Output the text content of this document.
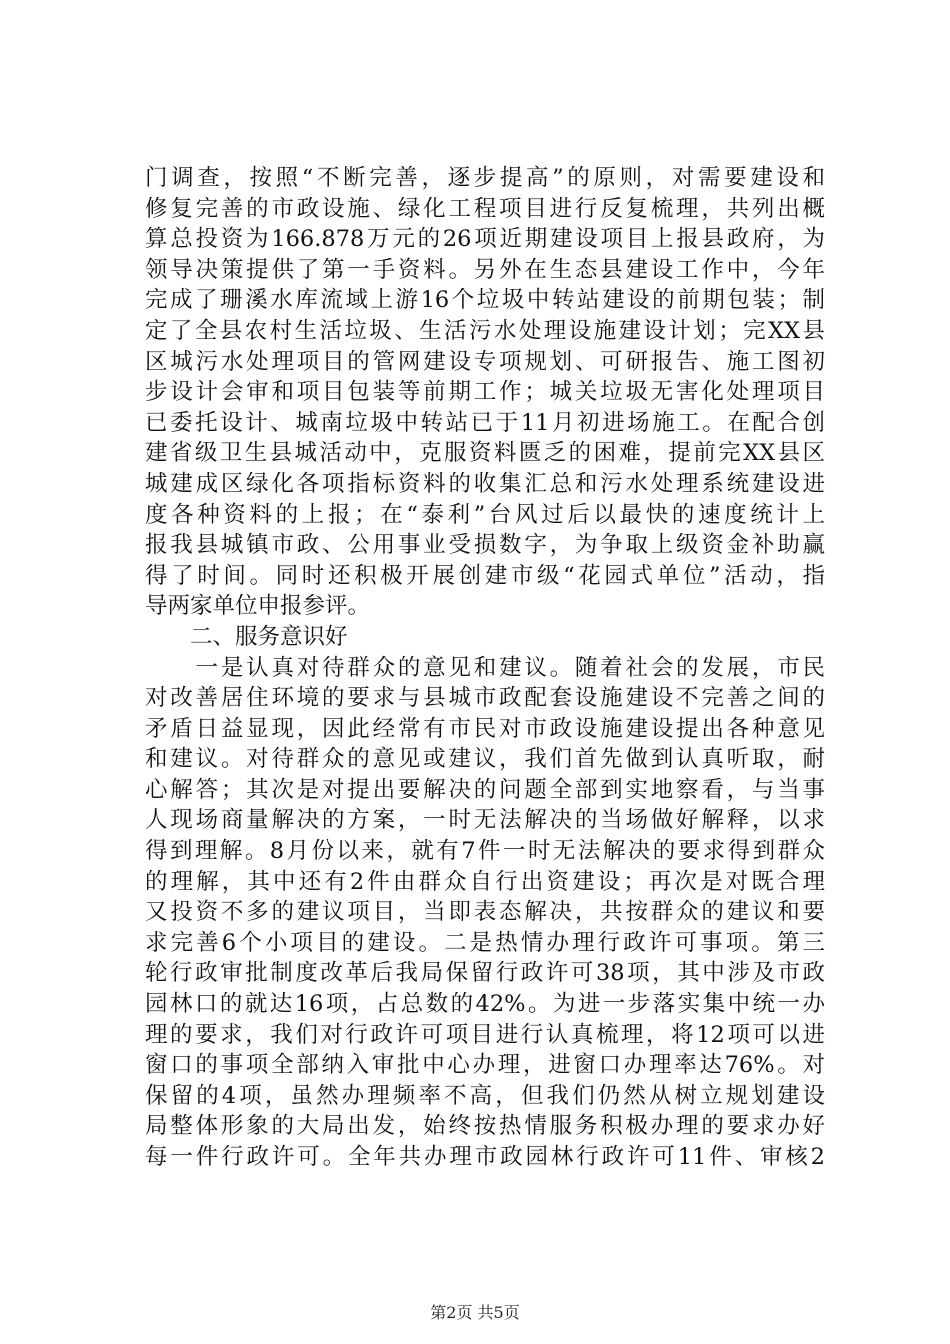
门调查，按照“不断完善，逐步提高”的原则，对需要建设和
修复完善的市政设施、绿化工程项目进行反复梳理，共列出概
算总投资为166.878万元的26项近期建设项目上报县政府，为
领导决策提供了第一手资料。另外在生态县建设工作中，今年
完成了珊溪水库流域上游16个垃圾中转站建设的前期包装；制
定了全县农村生活垃圾、生活污水处理设施建设计划；完XX县
区城污水处理项目的管网建设专项规划、可研报告、施工图初
步设计会审和项目包装等前期工作；城关垃圾无害化处理项目
已委托设计、城南垃圾中转站已于11月初进场施工。在配合创
建省级卫生县城活动中，克服资料匮乏的困难，提前完XX县区
城建成区绿化各项指标资料的收集汇总和污水处理系统建设进
度各种资料的上报；在“泰利”台风过后以最快的速度统计上
报我县城镇市政、公用事业受损数字，为争取上级资金补助赢
得了时间。同时还积极开展创建市级“花园式单位”活动，指
导两家单位申报参评。
　　二、服务意识好
　　一是认真对待群众的意见和建议。随着社会的发展，市民
对改善居住环境的要求与县城市政配套设施建设不完善之间的
矛盾日益显现，因此经常有市民对市政设施建设提出各种意见
和建议。对待群众的意见或建议，我们首先做到认真听取，耐
心解答；其次是对提出要解决的问题全部到实地察看，与当事
人现场商量解决的方案，一时无法解决的当场做好解释，以求
得到理解。8月份以来，就有7件一时无法解决的要求得到群众
的理解，其中还有2件由群众自行出资建设；再次是对既合理
又投资不多的建议项目，当即表态解决，共按群众的建议和要
求完善6个小项目的建设。二是热情办理行政许可事项。第三
轮行政审批制度改革后我局保留行政许可38项，其中涉及市政
园林口的就达16项，占总数的42%。为进一步落实集中统一办
理的要求，我们对行政许可项目进行认真梳理，将12项可以进
窗口的事项全部纳入审批中心办理，进窗口办理率达76%。对
保留的4项，虽然办理频率不高，但我们仍然从树立规划建设
局整体形象的大局出发，始终按热情服务积极办理的要求办好
每一件行政许可。全年共办理市政园林行政许可11件、审核2
第2页 共5页
